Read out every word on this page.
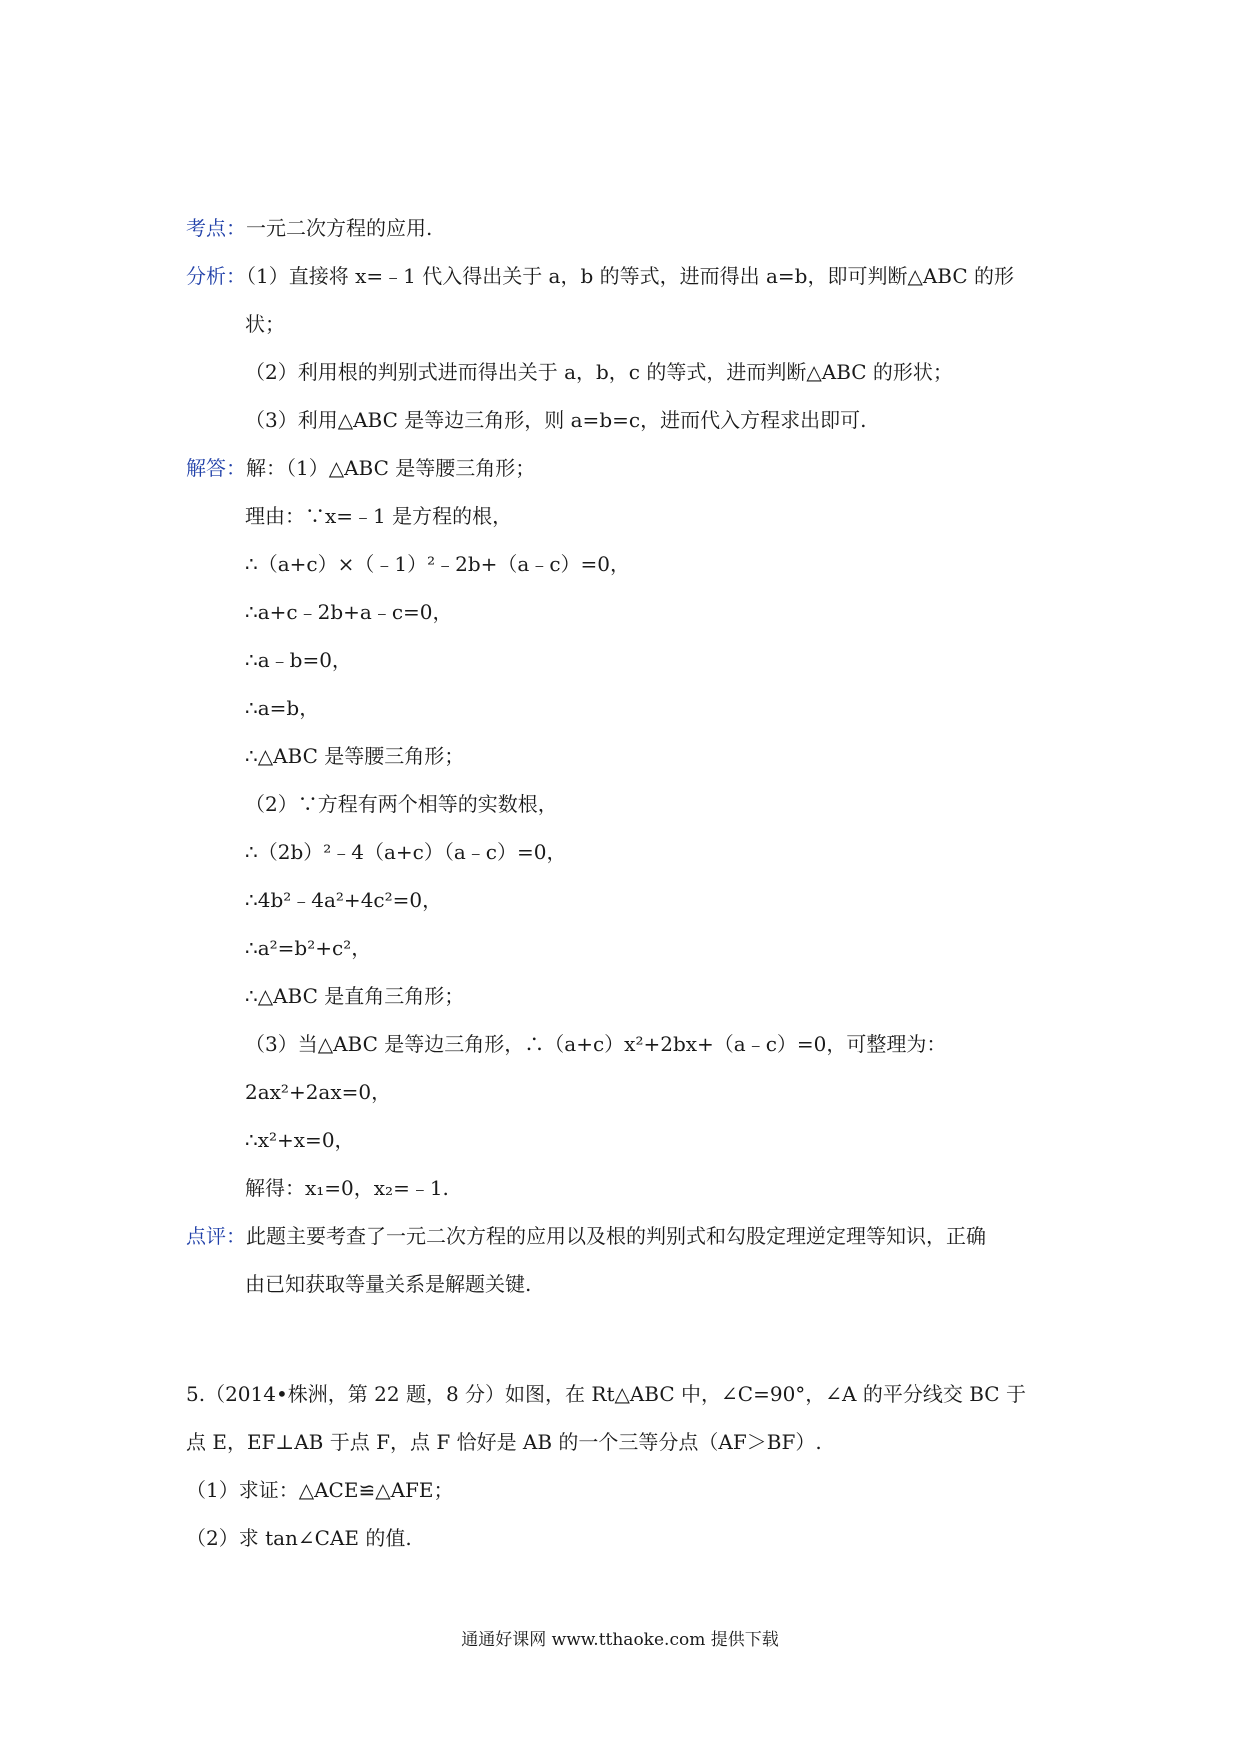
考点：一元二次方程的应用.
分析：（1）直接将 x=﹣1 代入得出关于 a，b 的等式，进而得出 a=b，即可判断△ABC 的形
状；
（2）利用根的判别式进而得出关于 a，b，c 的等式，进而判断△ABC 的形状；
（3）利用△ABC 是等边三角形，则 a=b=c，进而代入方程求出即可.
解答：解：（1）△ABC 是等腰三角形；
理由：∵x=﹣1 是方程的根，
∴（a+c）×（﹣1）²﹣2b+（a﹣c）=0，
∴a+c﹣2b+a﹣c=0，
∴a﹣b=0，
∴a=b，
∴△ABC 是等腰三角形；
（2）∵方程有两个相等的实数根，
∴（2b）²﹣4（a+c）（a﹣c）=0，
∴4b²﹣4a²+4c²=0，
∴a²=b²+c²，
∴△ABC 是直角三角形；
（3）当△ABC 是等边三角形，∴（a+c）x²+2bx+（a﹣c）=0，可整理为：
2ax²+2ax=0，
∴x²+x=0，
解得：x₁=0，x₂=﹣1.
点评：此题主要考查了一元二次方程的应用以及根的判别式和勾股定理逆定理等知识，正确
由已知获取等量关系是解题关键.
5.（2014•株洲，第 22 题，8 分）如图，在 Rt△ABC 中，∠C=90°，∠A 的平分线交 BC 于
点 E，EF⊥AB 于点 F，点 F 恰好是 AB 的一个三等分点（AF＞BF）.
（1）求证：△ACE≌△AFE；
（2）求 tan∠CAE 的值.
通通好课网 www.tthaoke.com 提供下载
